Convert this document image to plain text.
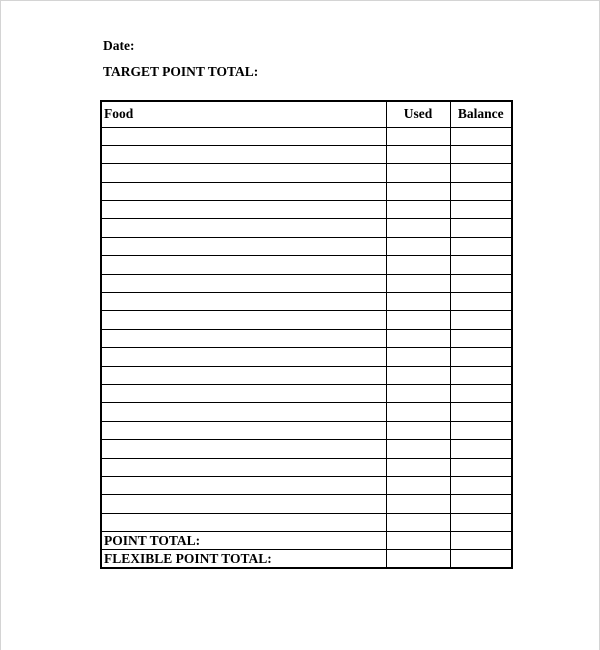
Date:
TARGET POINT TOTAL:
Food	Used	Balance

POINT TOTAL:		
FLEXIBLE POINT TOTAL:		
